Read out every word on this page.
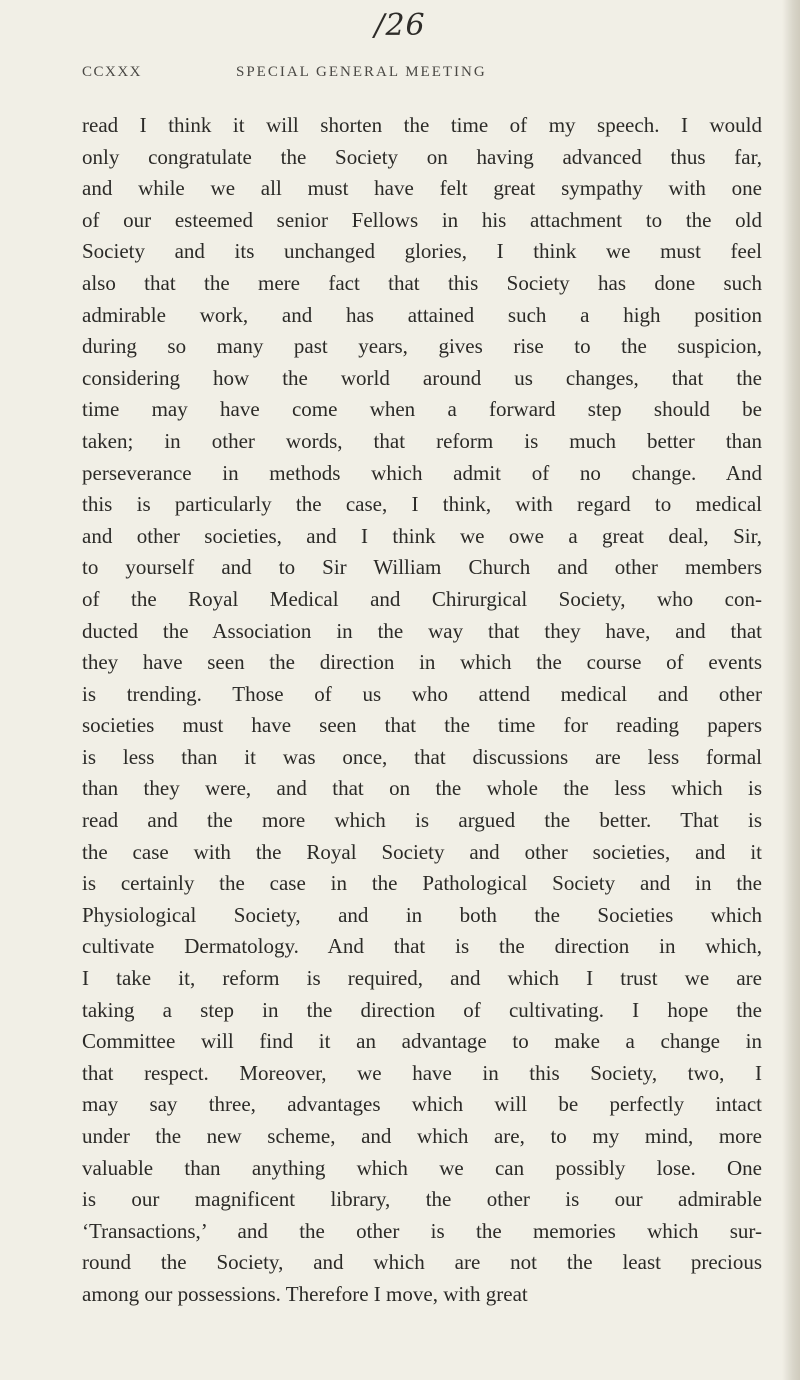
/26
CCXXX	SPECIAL GENERAL MEETING
read I think it will shorten the time of my speech. I would
only congratulate the Society on having advanced thus far,
and while we all must have felt great sympathy with one
of our esteemed senior Fellows in his attachment to the old
Society and its unchanged glories, I think we must feel
also that the mere fact that this Society has done such
admirable work, and has attained such a high position
during so many past years, gives rise to the suspicion,
considering how the world around us changes, that the
time may have come when a forward step should be
taken; in other words, that reform is much better than
perseverance in methods which admit of no change. And
this is particularly the case, I think, with regard to medical
and other societies, and I think we owe a great deal, Sir,
to yourself and to Sir William Church and other members
of the Royal Medical and Chirurgical Society, who con-
ducted the Association in the way that they have, and that
they have seen the direction in which the course of events
is trending. Those of us who attend medical and other
societies must have seen that the time for reading papers
is less than it was once, that discussions are less formal
than they were, and that on the whole the less which is
read and the more which is argued the better. That is
the case with the Royal Society and other societies, and it
is certainly the case in the Pathological Society and in the
Physiological Society, and in both the Societies which
cultivate Dermatology. And that is the direction in which,
I take it, reform is required, and which I trust we are
taking a step in the direction of cultivating. I hope the
Committee will find it an advantage to make a change in
that respect. Moreover, we have in this Society, two, I
may say three, advantages which will be perfectly intact
under the new scheme, and which are, to my mind, more
valuable than anything which we can possibly lose. One
is our magnificent library, the other is our admirable
‘Transactions,’ and the other is the memories which sur-
round the Society, and which are not the least precious
among our possessions. Therefore I move, with great
